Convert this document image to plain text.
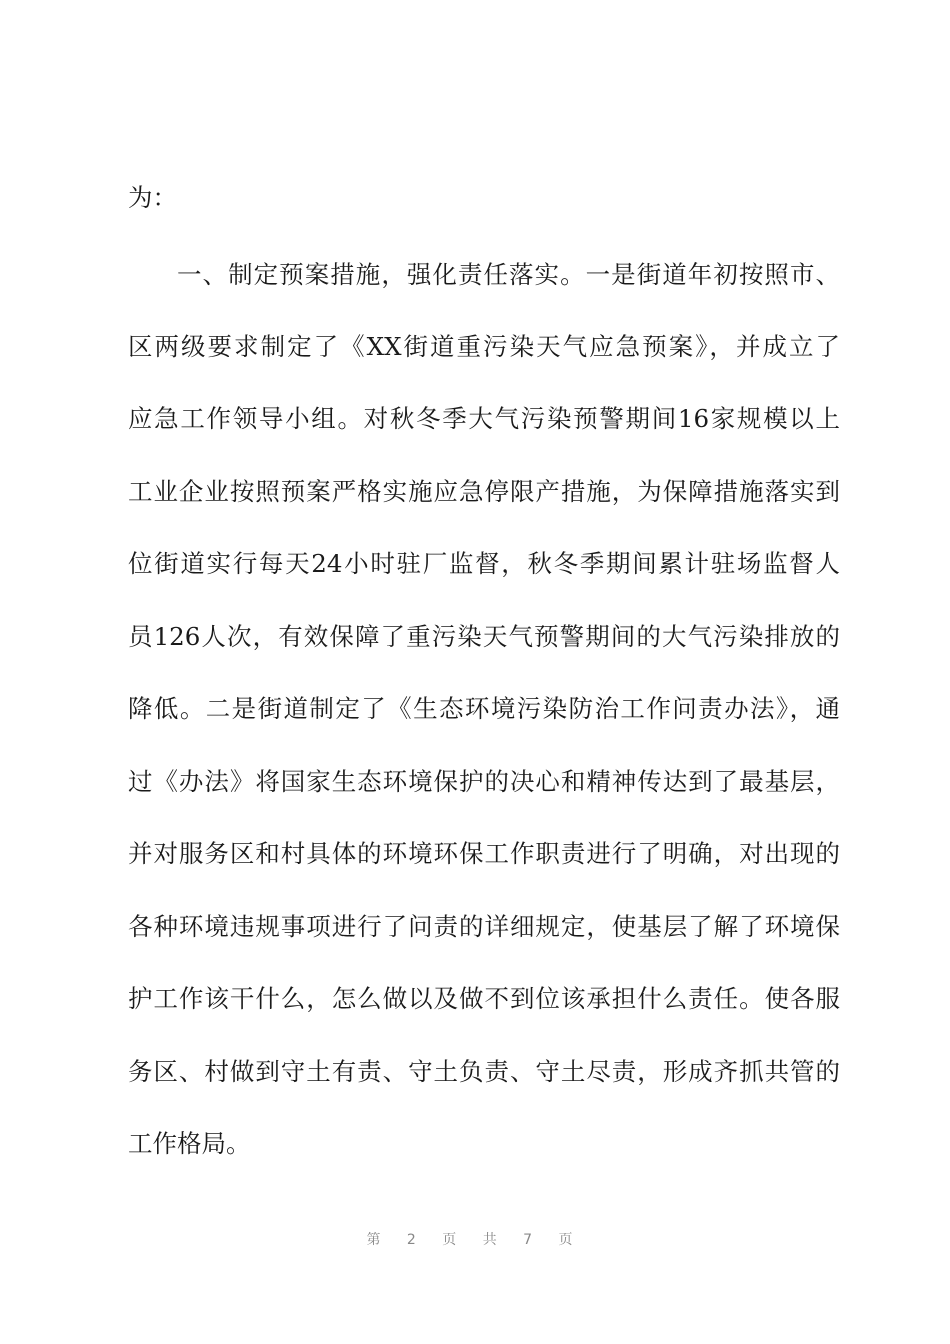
为：
一、制定预案措施，强化责任落实。一是街道年初按照市、
区两级要求制定了《XX街道重污染天气应急预案》，并成立了
应急工作领导小组。对秋冬季大气污染预警期间16家规模以上
工业企业按照预案严格实施应急停限产措施，为保障措施落实到
位街道实行每天24小时驻厂监督，秋冬季期间累计驻场监督人
员126人次，有效保障了重污染天气预警期间的大气污染排放的
降低。二是街道制定了《生态环境污染防治工作问责办法》，通
过《办法》将国家生态环境保护的决心和精神传达到了最基层，
并对服务区和村具体的环境环保工作职责进行了明确，对出现的
各种环境违规事项进行了问责的详细规定，使基层了解了环境保
护工作该干什么，怎么做以及做不到位该承担什么责任。使各服
务区、村做到守土有责、守土负责、守土尽责，形成齐抓共管的
工作格局。
第 2 页 共 7 页
